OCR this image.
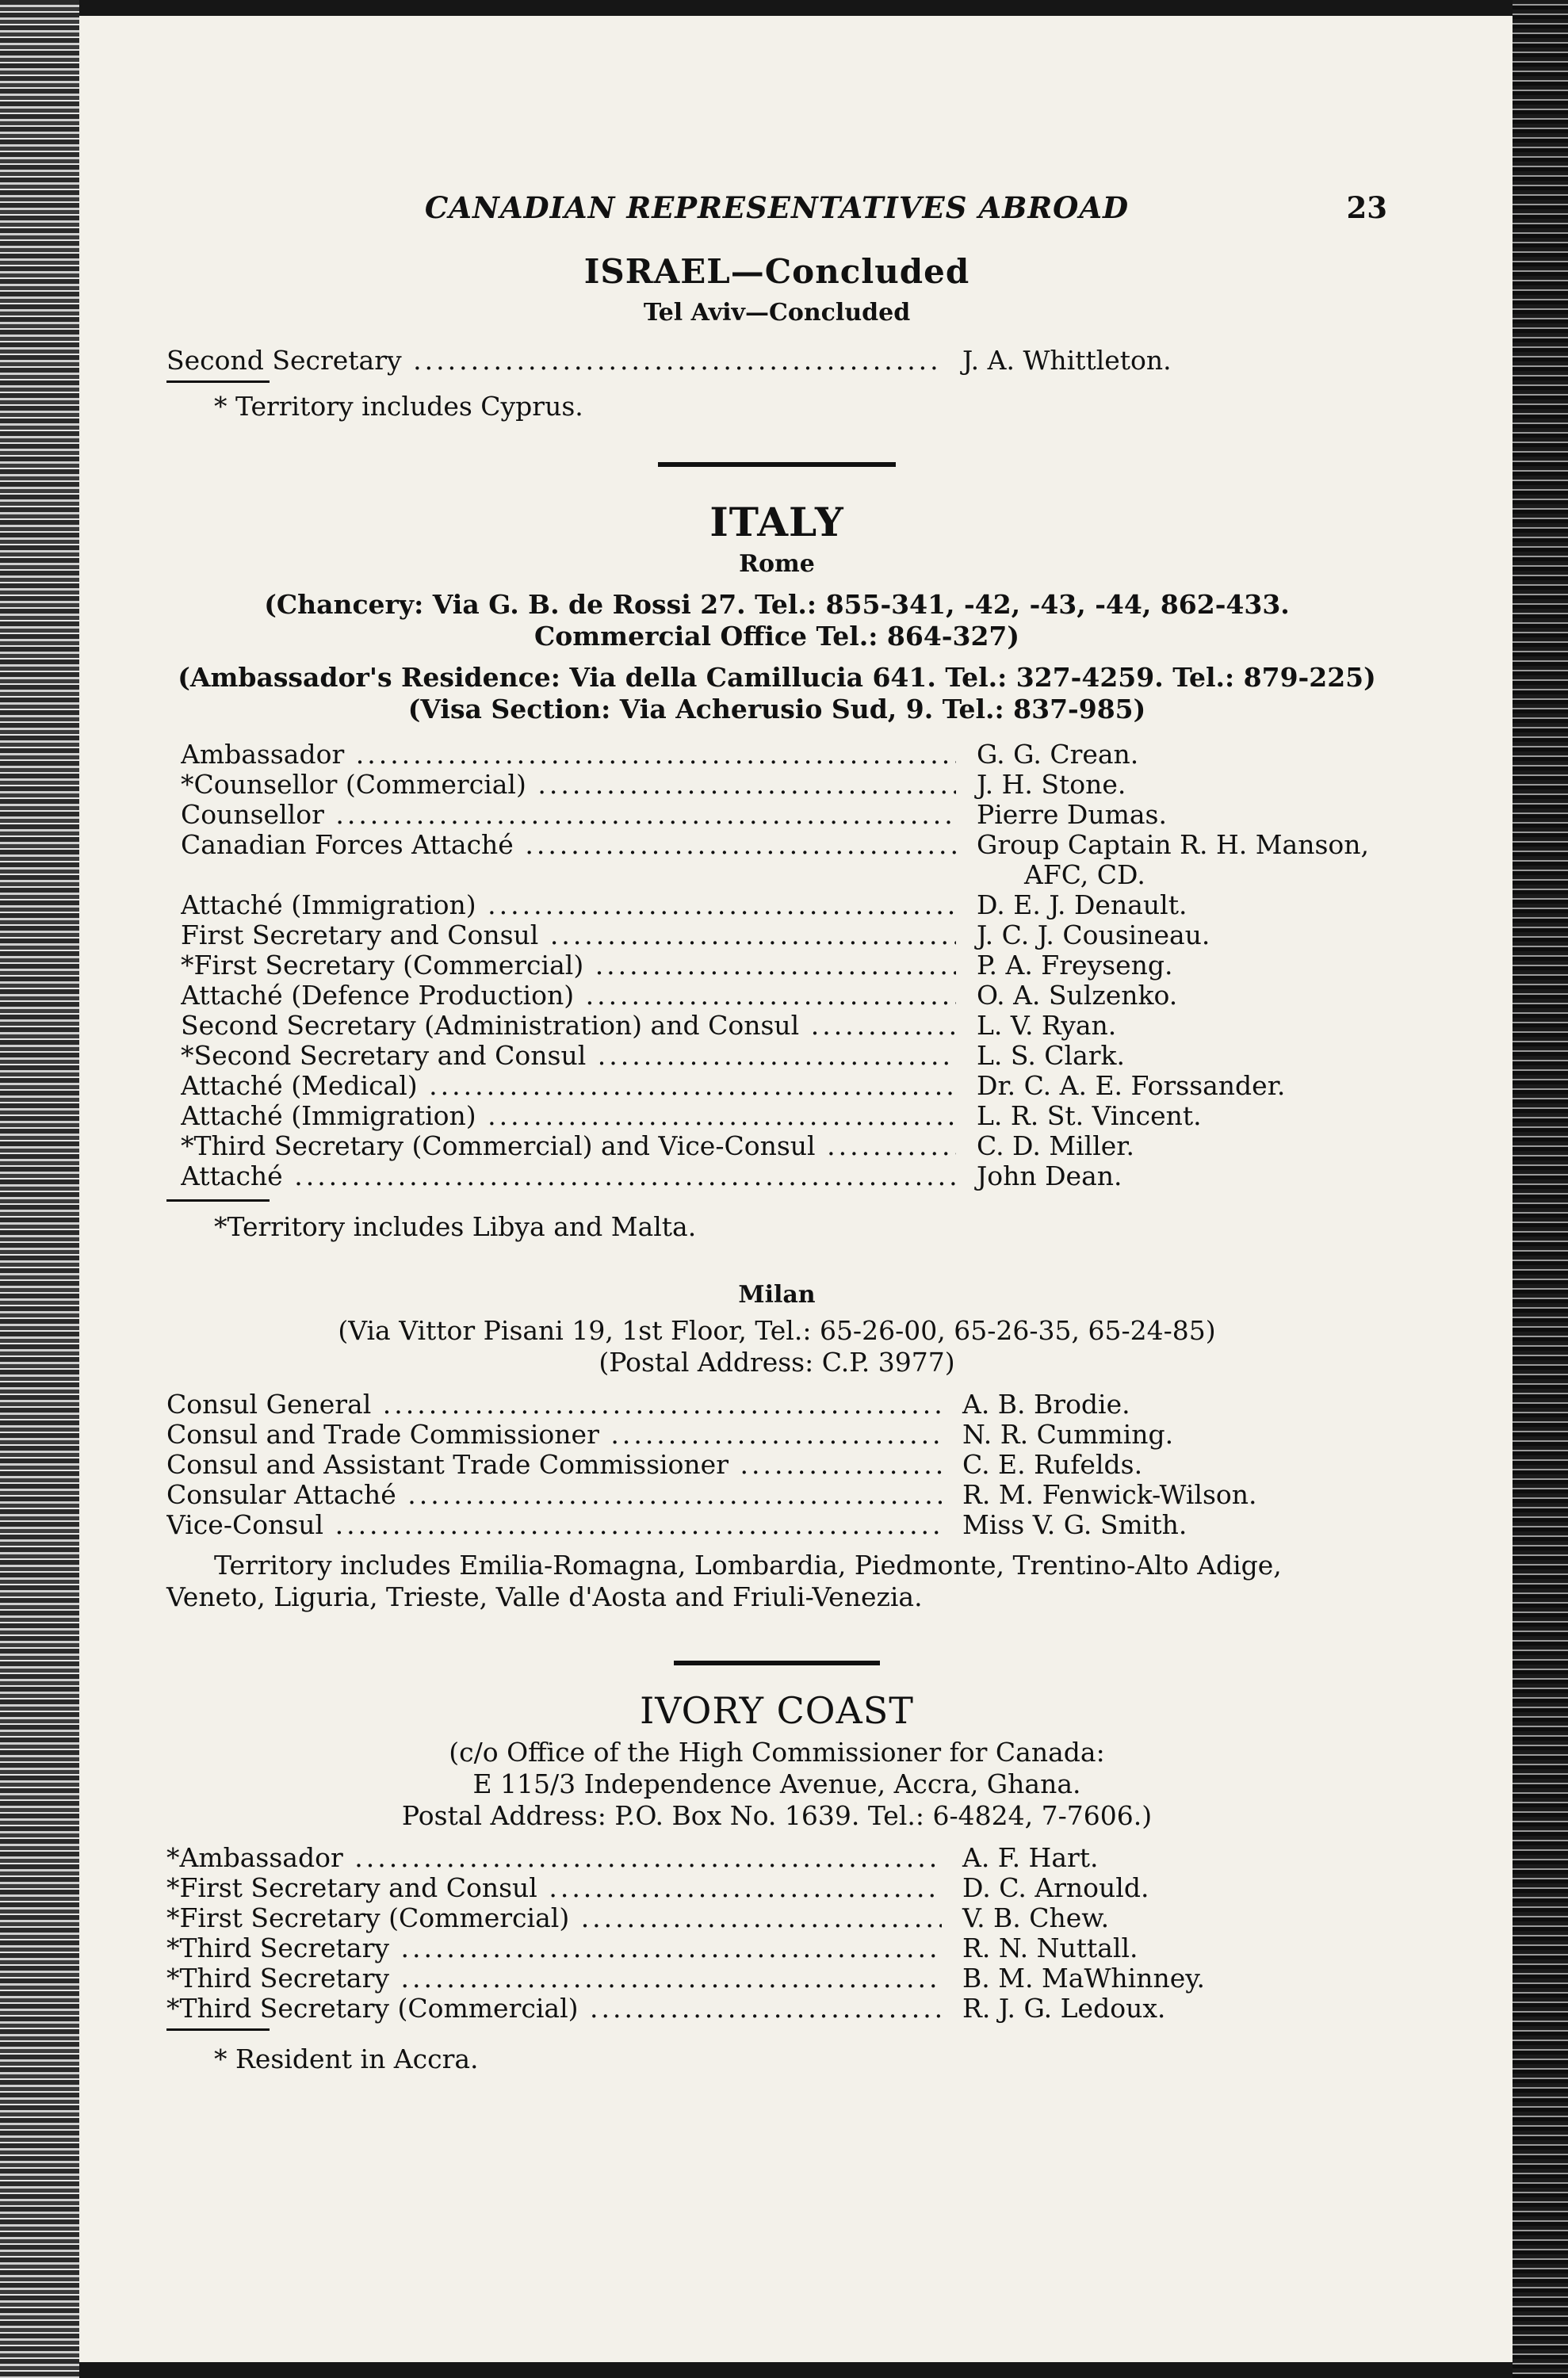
CANADIAN REPRESENTATIVES ABROAD	23
ISRAEL—Concluded
Tel Aviv—Concluded
Second Secretary .....	J. A. Whittleton.
* Territory includes Cyprus.
ITALY
Rome
(Chancery: Via G. B. de Rossi 27. Tel.: 855-341, -42, -43, -44, 862-433.
Commercial Office Tel.: 864-327)
(Ambassador's Residence: Via della Camillucia 641. Tel.: 327-4259. Tel.: 879-225)
(Visa Section: Via Acherusio Sud, 9. Tel.: 837-985)
Ambassador .....	G. G. Crean.
*Counsellor (Commercial) .....	J. H. Stone.
Counsellor .....	Pierre Dumas.
Canadian Forces Attaché .....	Group Captain R. H. Manson,
AFC, CD.
Attaché (Immigration) .....	D. E. J. Denault.
First Secretary and Consul .....	J. C. J. Cousineau.
*First Secretary (Commercial) .....	P. A. Freyseng.
Attaché (Defence Production) .....	O. A. Sulzenko.
Second Secretary (Administration) and Consul .....	L. V. Ryan.
*Second Secretary and Consul .....	L. S. Clark.
Attaché (Medical) .....	Dr. C. A. E. Forssander.
Attaché (Immigration) .....	L. R. St. Vincent.
*Third Secretary (Commercial) and Vice-Consul .....	C. D. Miller.
Attaché .....	John Dean.
*Territory includes Libya and Malta.
Milan
(Via Vittor Pisani 19, 1st Floor, Tel.: 65-26-00, 65-26-35, 65-24-85)
(Postal Address: C.P. 3977)
Consul General .....	A. B. Brodie.
Consul and Trade Commissioner .....	N. R. Cumming.
Consul and Assistant Trade Commissioner .....	C. E. Rufelds.
Consular Attaché .....	R. M. Fenwick-Wilson.
Vice-Consul .....	Miss V. G. Smith.
Territory includes Emilia-Romagna, Lombardia, Piedmonte, Trentino-Alto Adige, Veneto, Liguria, Trieste, Valle d'Aosta and Friuli-Venezia.
IVORY COAST
(c/o Office of the High Commissioner for Canada:
E 115/3 Independence Avenue, Accra, Ghana.
Postal Address: P.O. Box No. 1639. Tel.: 6-4824, 7-7606.)
*Ambassador .....	A. F. Hart.
*First Secretary and Consul .....	D. C. Arnould.
*First Secretary (Commercial) .....	V. B. Chew.
*Third Secretary .....	R. N. Nuttall.
*Third Secretary .....	B. M. MaWhinney.
*Third Secretary (Commercial) .....	R. J. G. Ledoux.
* Resident in Accra.
